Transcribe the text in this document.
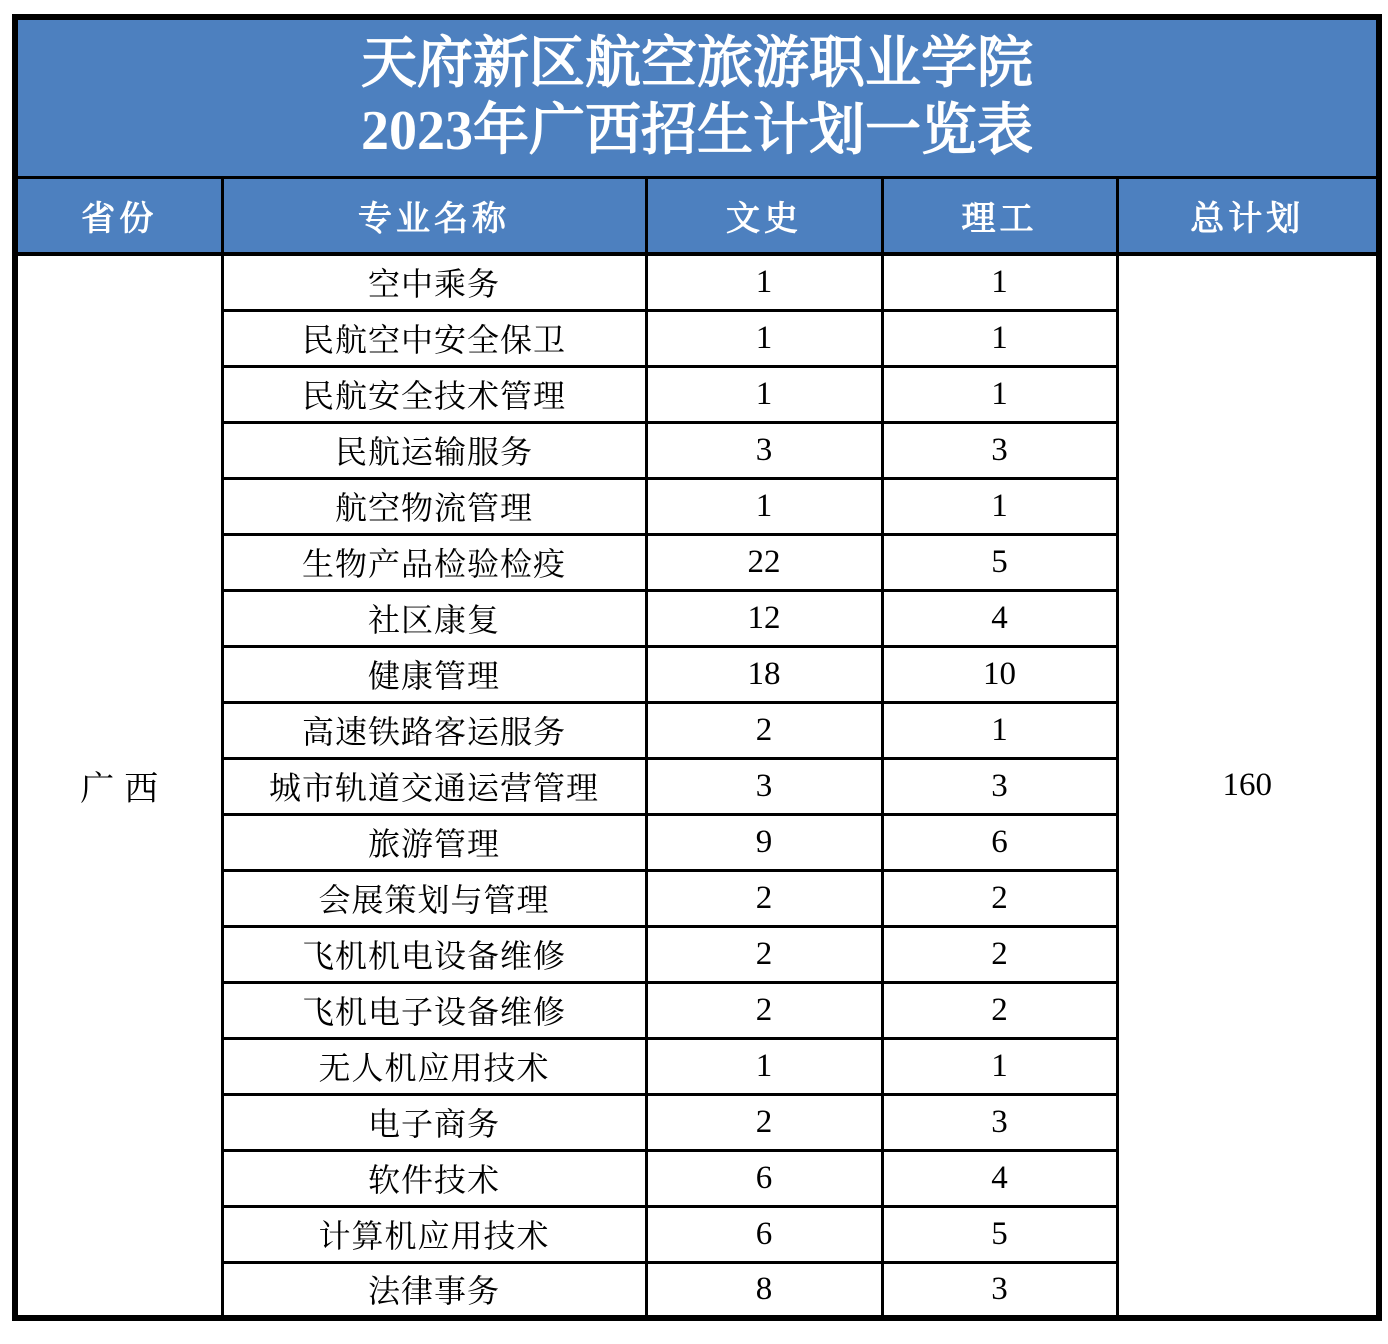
天府新区航空旅游职业学院
2023年广西招生计划一览表				

省份	专业名称	文史	理工	总计划
广西	空中乘务	1	1	160
	民航空中安全保卫	1	1	
	民航安全技术管理	1	1	
	民航运输服务	3	3	
	航空物流管理	1	1	
	生物产品检验检疫	22	5	
	社区康复	12	4	
	健康管理	18	10	
	高速铁路客运服务	2	1	
	城市轨道交通运营管理	3	3	
	旅游管理	9	6	
	会展策划与管理	2	2	
	飞机机电设备维修	2	2	
	飞机电子设备维修	2	2	
	无人机应用技术	1	1	
	电子商务	2	3	
	软件技术	6	4	
	计算机应用技术	6	5	
	法律事务	8	3	
